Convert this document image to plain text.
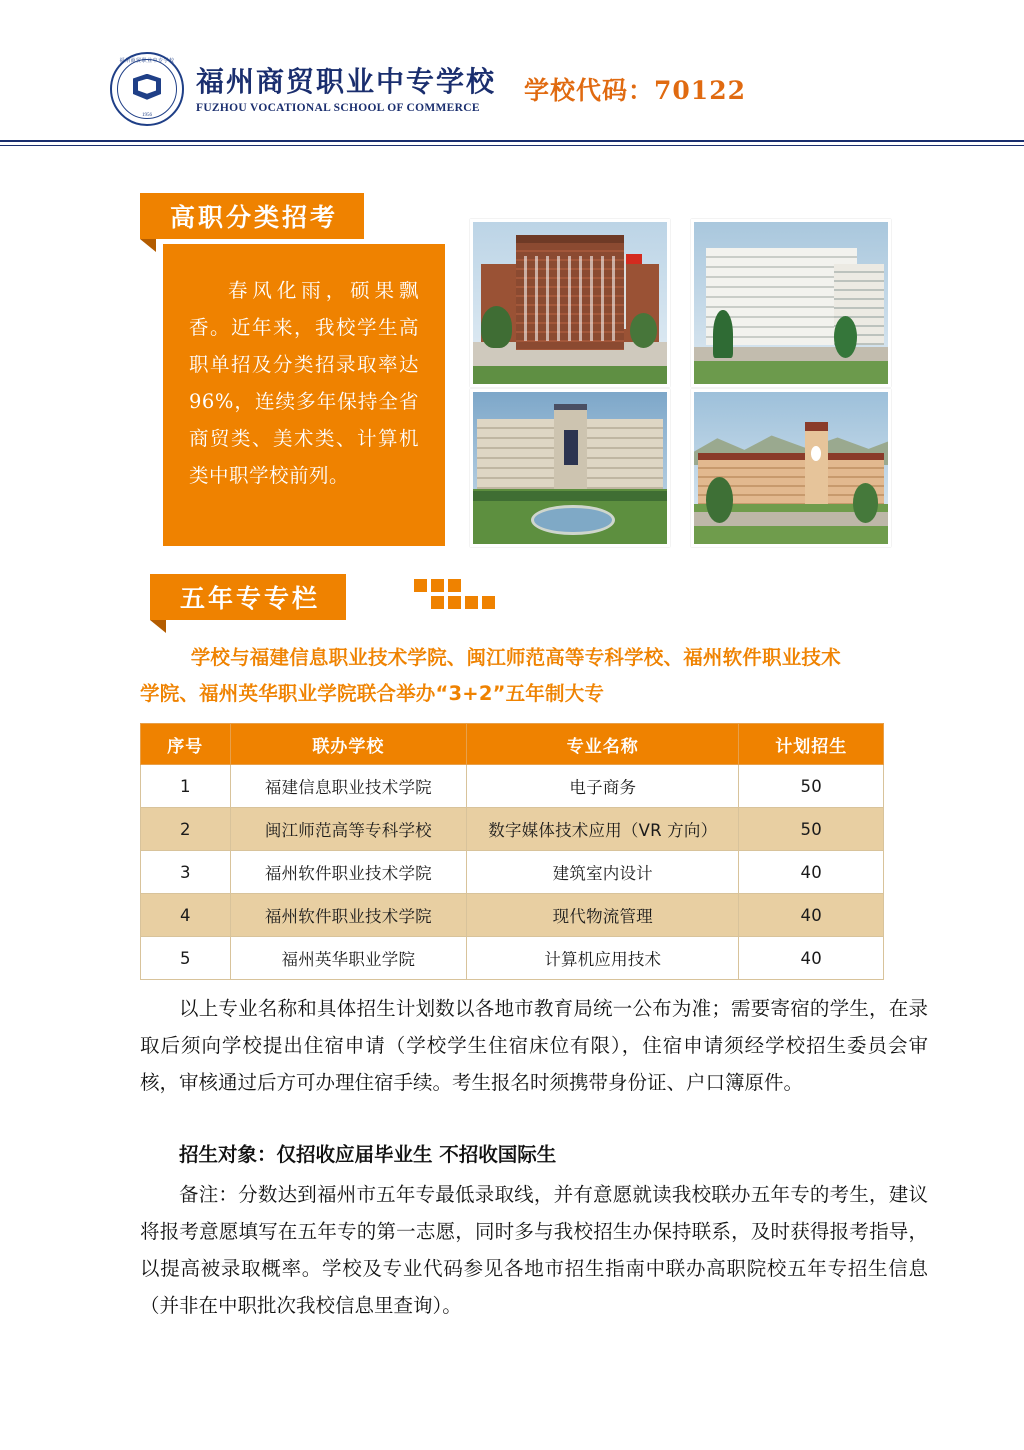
福州商贸职业中专学校
1956
福州商贸职业中专学校
FUZHOU VOCATIONAL SCHOOL OF COMMERCE
学校代码：70122
高职分类招考

春风化雨，硕果飘香。近年来，我校学生高职单招及分类招录取率达 96%，连续多年保持全省商贸类、美术类、计算机类中职学校前列。

五年专专栏
学校与福建信息职业技术学院、闽江师范高等专科学校、福州软件职业技术
学院、福州英华职业学院联合举办“3+2”五年制大专
序号	联办学校	专业名称	计划招生
1	福建信息职业技术学院	电子商务	50
2	闽江师范高等专科学校	数字媒体技术应用（VR 方向）	50
3	福州软件职业技术学院	建筑室内设计	40
4	福州软件职业技术学院	现代物流管理	40
5	福州英华职业学院	计算机应用技术	40

以上专业名称和具体招生计划数以各地市教育局统一公布为准；需要寄宿的学生，在录取后须向学校提出住宿申请（学校学生住宿床位有限），住宿申请须经学校招生委员会审核，审核通过后方可办理住宿手续。考生报名时须携带身份证、户口簿原件。

招生对象：仅招收应届毕业生 不招收国际生

备注：分数达到福州市五年专最低录取线，并有意愿就读我校联办五年专的考生，建议将报考意愿填写在五年专的第一志愿，同时多与我校招生办保持联系，及时获得报考指导，以提高被录取概率。学校及专业代码参见各地市招生指南中联办高职院校五年专招生信息（并非在中职批次我校信息里查询）。
